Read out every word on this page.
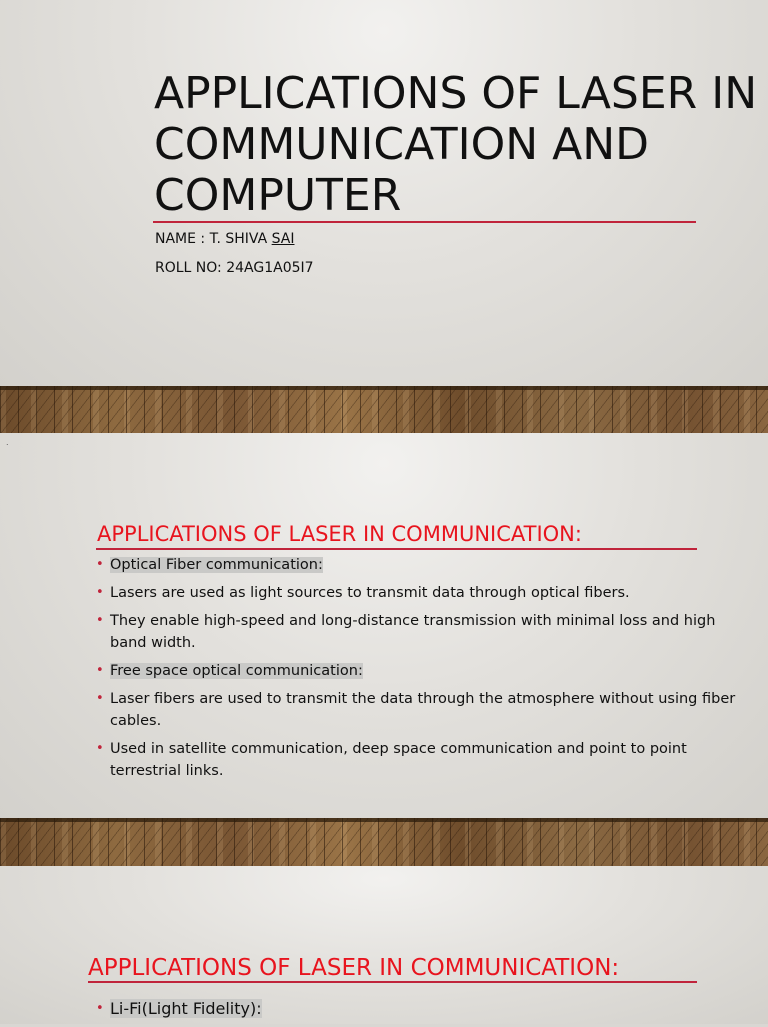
APPLICATIONS OF LASER IN COMMUNICATION AND COMPUTER
NAME : T. SHIVA SAI
ROLL NO: 24AG1A05I7
.
APPLICATIONS OF LASER IN COMMUNICATION:
• Optical Fiber communication:
• Lasers are used as light sources to transmit data through optical fibers.
• They enable high-speed and long-distance transmission with minimal loss and high band width.
• Free space optical communication:
• Laser fibers are used to transmit the data through the atmosphere without using fiber cables.
• Used in satellite communication, deep space communication and point to point terrestrial links.
APPLICATIONS OF LASER IN COMMUNICATION:
• Li-Fi(Light Fidelity):
